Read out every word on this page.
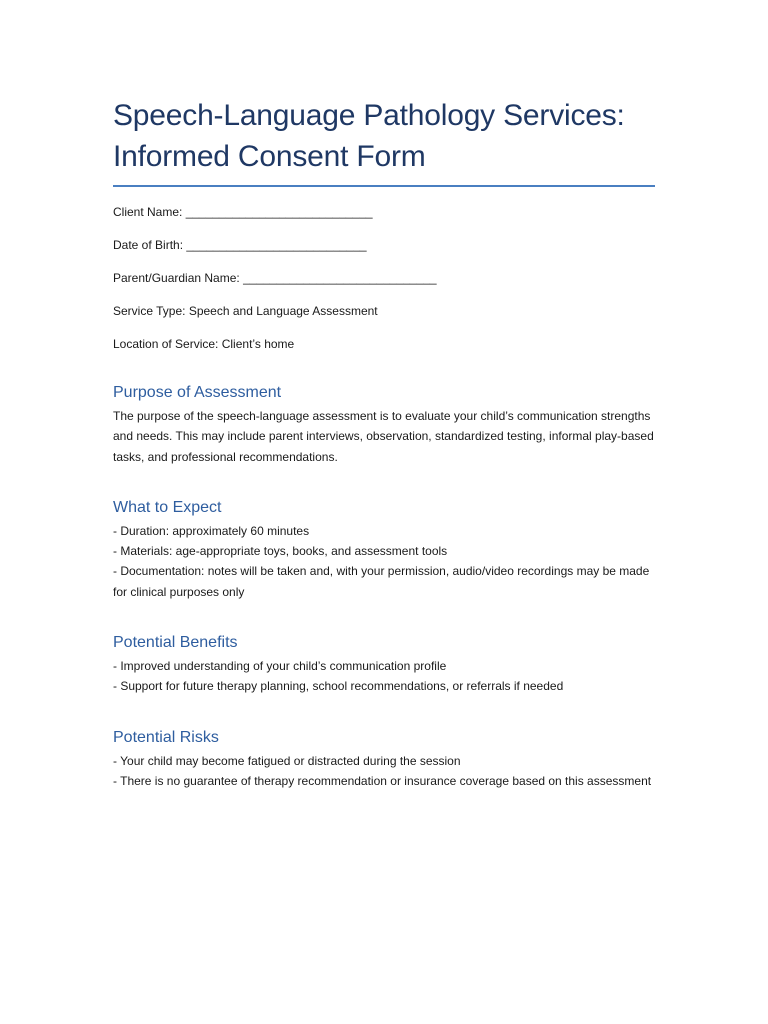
Speech-Language Pathology Services:
Informed Consent Form
Client Name: ____________________________
Date of Birth: ___________________________
Parent/Guardian Name: _____________________________
Service Type: Speech and Language Assessment
Location of Service: Client’s home
Purpose of Assessment

The purpose of the speech-language assessment is to evaluate your child’s communication strengths and needs. This may include parent interviews, observation, standardized testing, informal play-based tasks, and professional recommendations.

What to Expect
- Duration: approximately 60 minutes
- Materials: age-appropriate toys, books, and assessment tools
- Documentation: notes will be taken and, with your permission, audio/video recordings may be made for clinical purposes only
Potential Benefits
- Improved understanding of your child’s communication profile
- Support for future therapy planning, school recommendations, or referrals if needed
Potential Risks
- Your child may become fatigued or distracted during the session
- There is no guarantee of therapy recommendation or insurance coverage based on this assessment
